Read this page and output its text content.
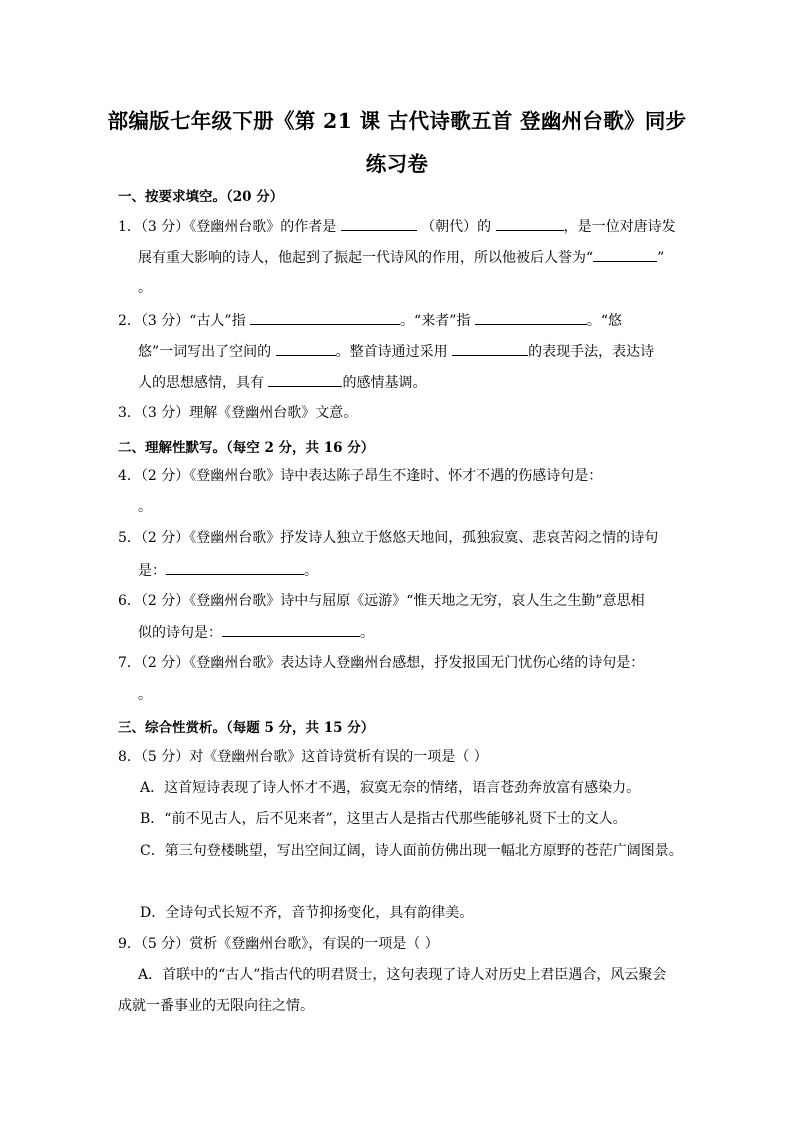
部编版七年级下册《第 21 课 古代诗歌五首 登幽州台歌》同步
练习卷
一、按要求填空。（20 分）
1．（3 分）《登幽州台歌》的作者是	（朝代）的	，是一位对唐诗发
展有重大影响的诗人，他起到了振起一代诗风的作用，所以他被后人誉为“	”
。
2．（3 分）“古人”指	。“来者”指	。“悠
悠”一词写出了空间的	。整首诗通过采用	的表现手法，表达诗
人的思想感情，具有	的感情基调。
3．（3 分）理解《登幽州台歌》文意。
二、理解性默写。（每空 2 分，共 16 分）
4．（2 分）《登幽州台歌》诗中表达陈子昂生不逢时、怀才不遇的伤感诗句是：
。
5．（2 分）《登幽州台歌》抒发诗人独立于悠悠天地间，孤独寂寞、悲哀苦闷之情的诗句
是：	。
6．（2 分）《登幽州台歌》诗中与屈原《远游》“惟天地之无穷，哀人生之生勤”意思相
似的诗句是：	。
7．（2 分）《登幽州台歌》表达诗人登幽州台感想，抒发报国无门忧伤心绪的诗句是：
。
三、综合性赏析。（每题 5 分，共 15 分）
8．（5 分）对《登幽州台歌》这首诗赏析有误的一项是（ ）
A．这首短诗表现了诗人怀才不遇，寂寞无奈的情绪，语言苍劲奔放富有感染力。
B．“前不见古人，后不见来者”，这里古人是指古代那些能够礼贤下士的文人。
C．第三句登楼眺望，写出空间辽阔，诗人面前仿佛出现一幅北方原野的苍茫广阔图景。
D．全诗句式长短不齐，音节抑扬变化，具有韵律美。
9．（5 分）赏析《登幽州台歌》，有误的一项是（ ）
A．首联中的“古人”指古代的明君贤士，这句表现了诗人对历史上君臣遇合，风云聚会
成就一番事业的无限向往之情。
